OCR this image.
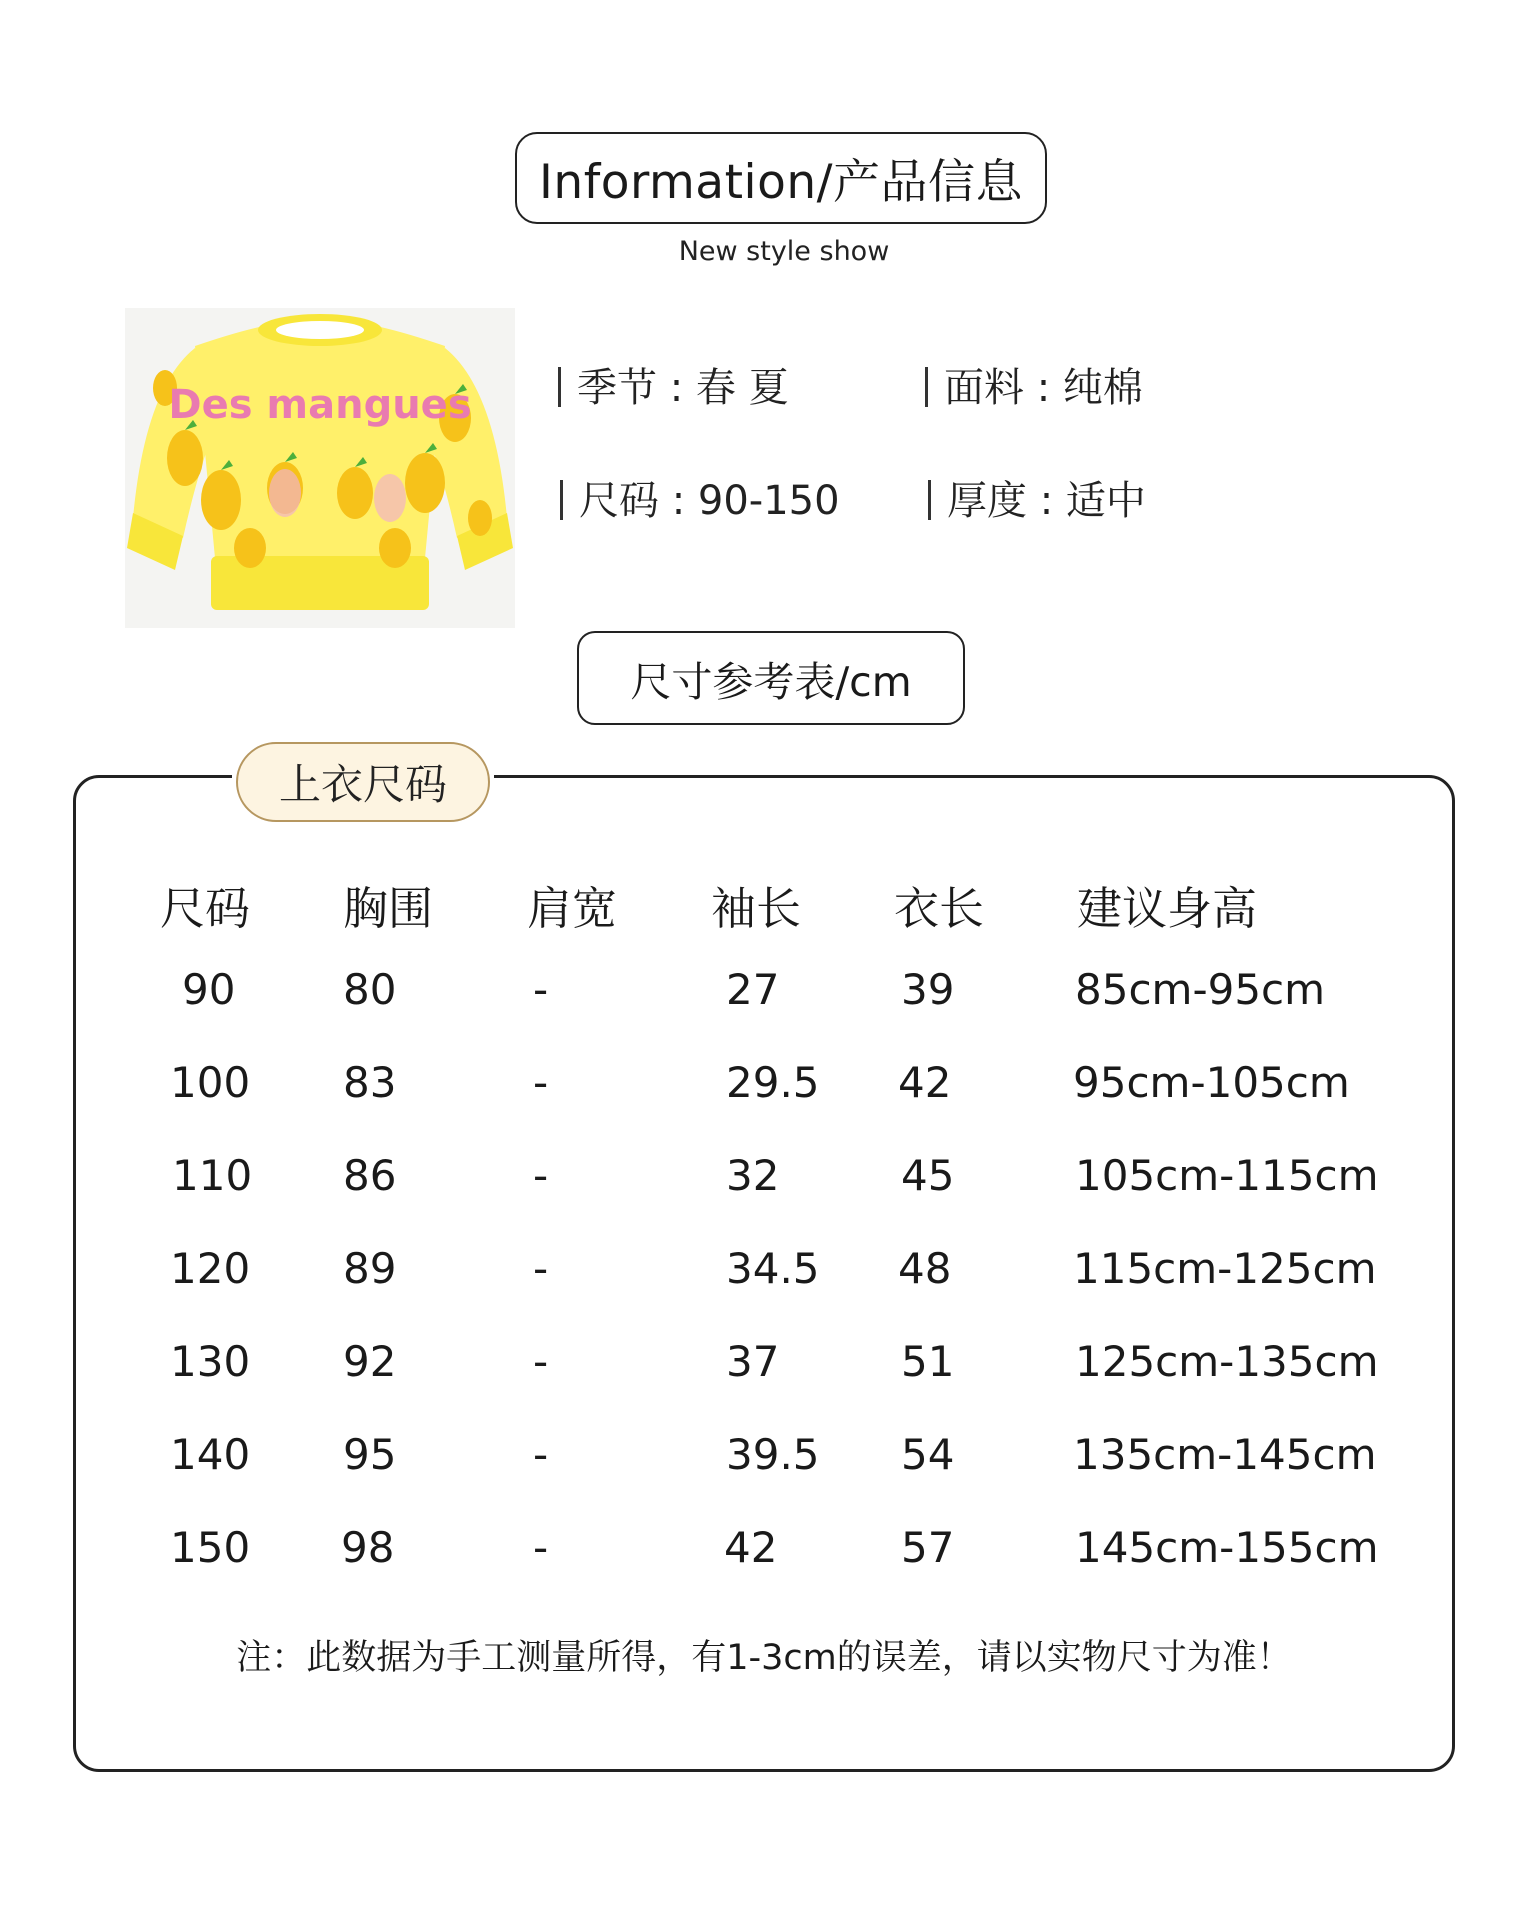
Information/产品信息
New style show
Des mangues	季节 : 春 夏	面料 : 纯棉
尺码 : 90-150	厚度 : 适中
尺寸参考表/cm
上衣尺码
尺码 胸围 肩宽 袖长 衣长 建议身高
90	80	-	27	39	85cm-95cm
100 83	-	29.5 42	95cm-105cm
110 86	-	32	45	105cm-115cm
120 89	-	34.5 48	115cm-125cm
130 92	-	37	51	125cm-135cm
140 95	-	39.5 54	135cm-145cm
150 98	-	42	57	145cm-155cm
注：此数据为手工测量所得，有1-3cm的误差，请以实物尺寸为准！
